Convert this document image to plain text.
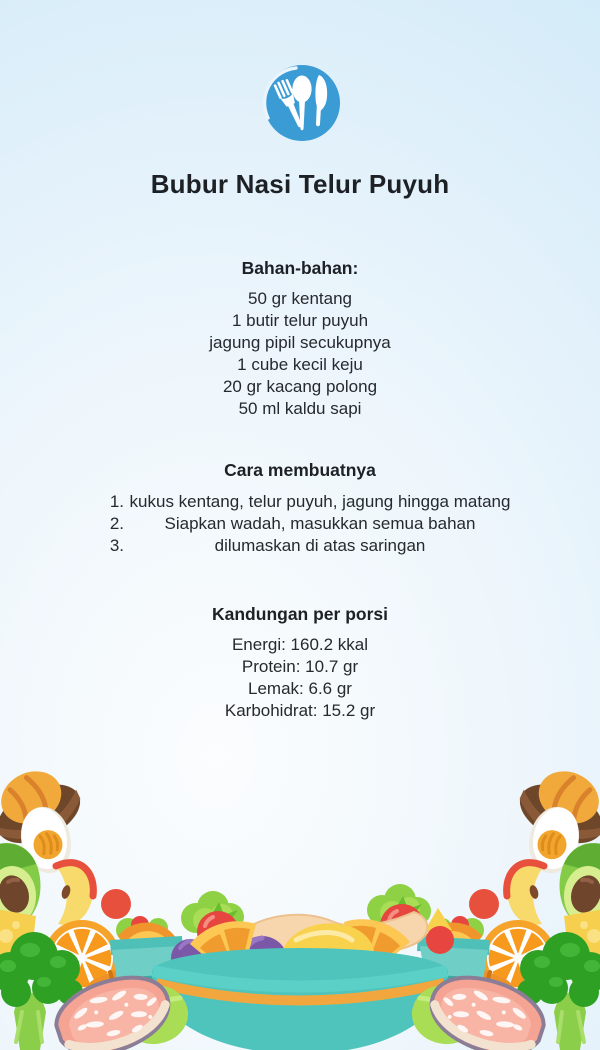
Bubur Nasi Telur Puyuh
Bahan-bahan:
50 gr kentang
1 butir telur puyuh
jagung pipil secukupnya
1 cube kecil keju
20 gr kacang polong
50 ml kaldu sapi
Cara membuatnya
1. kukus kentang, telur puyuh, jagung hingga matang
2.	Siapkan wadah, masukkan semua bahan
3.	dilumaskan di atas saringan
Kandungan per porsi
Energi: 160.2 kkal
Protein: 10.7 gr
Lemak: 6.6 gr
Karbohidrat: 15.2 gr
